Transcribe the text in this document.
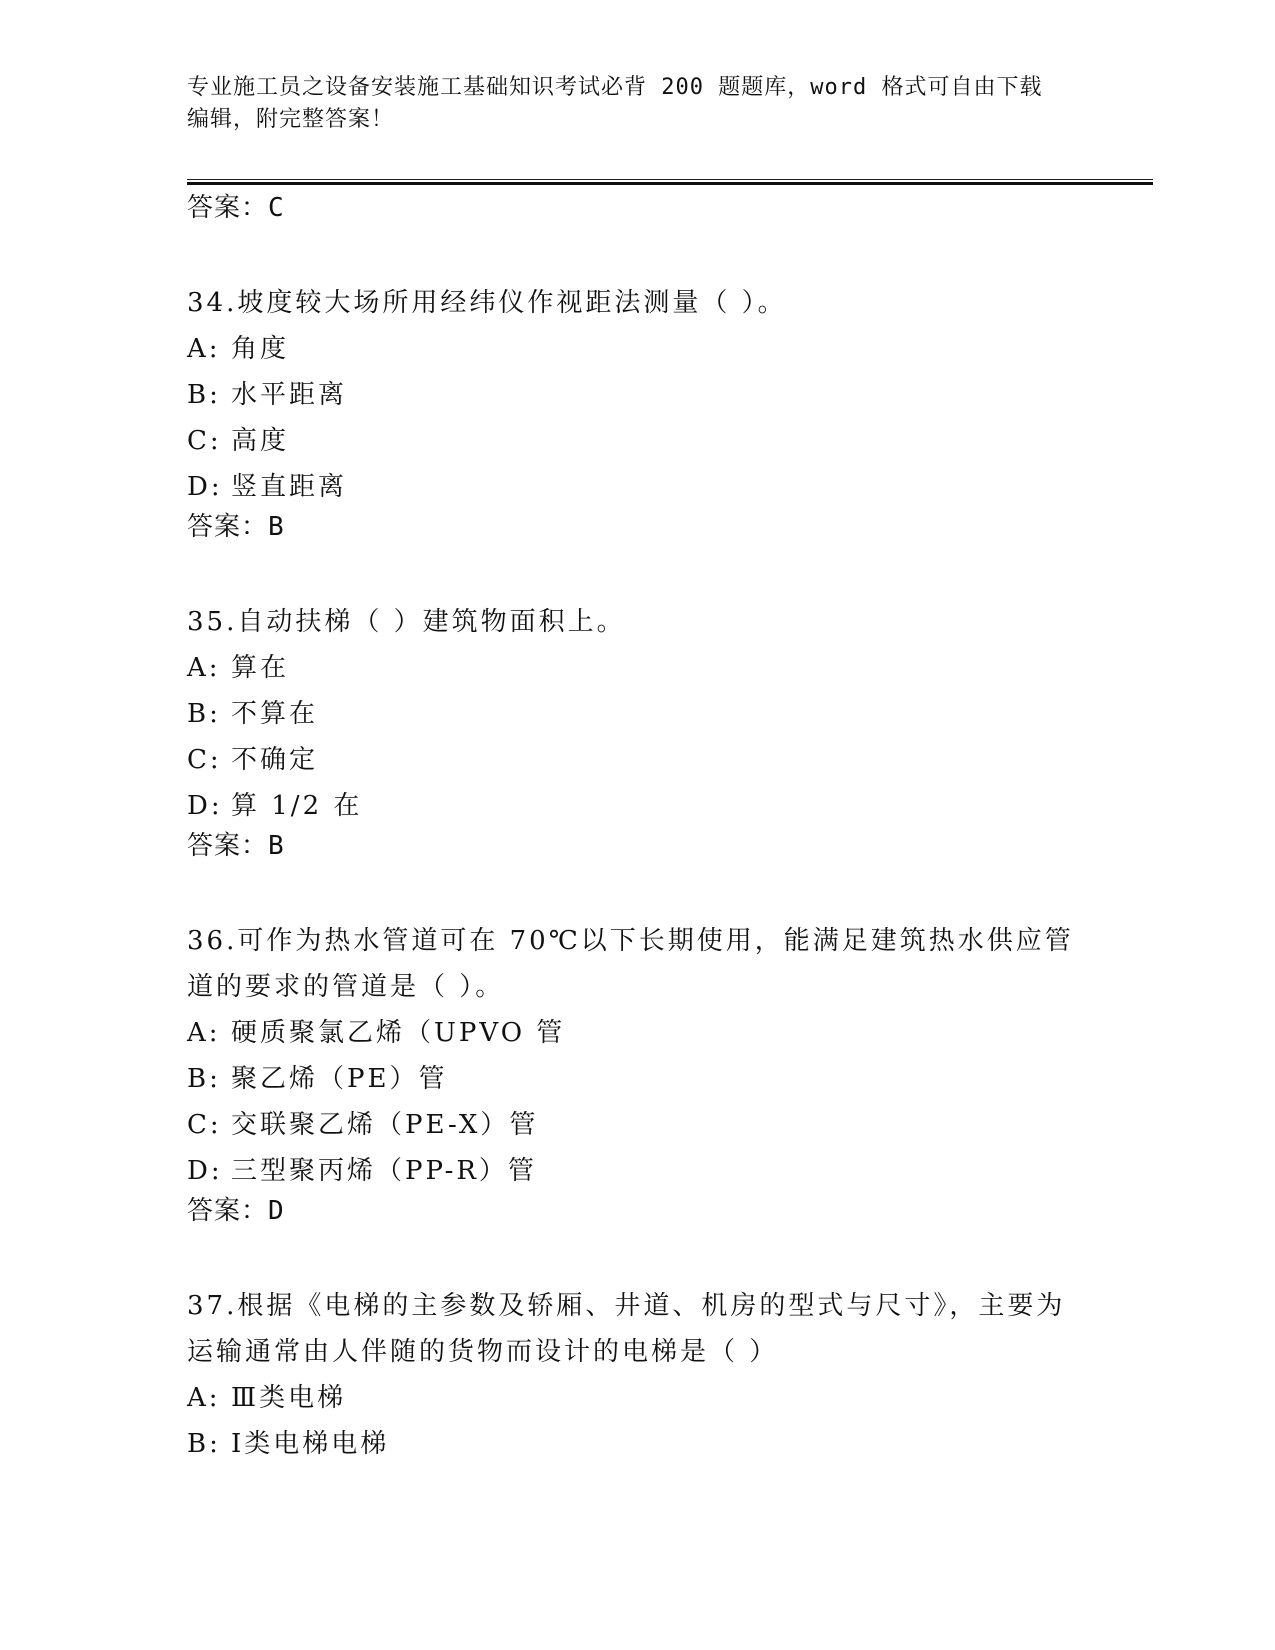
专业施工员之设备安装施工基础知识考试必背 200 题题库，word 格式可自由下载
编辑，附完整答案！
答案：C
34.坡度较大场所用经纬仪作视距法测量（ ）。
A: 角度
B: 水平距离
C: 高度
D: 竖直距离
答案：B
35.自动扶梯（ ）建筑物面积上。
A: 算在
B: 不算在
C: 不确定
D: 算 1/2 在
答案：B
36.可作为热水管道可在 70℃以下长期使用，能满足建筑热水供应管道的要求的管道是（ ）。
A: 硬质聚氯乙烯（UPVO 管
B: 聚乙烯（PE）管
C: 交联聚乙烯（PE-X）管
D: 三型聚丙烯（PP-R）管
答案：D
37.根据《电梯的主参数及轿厢、井道、机房的型式与尺寸》，主要为运输通常由人伴随的货物而设计的电梯是（ ）
A: Ⅲ类电梯
B: Ⅰ类电梯电梯
